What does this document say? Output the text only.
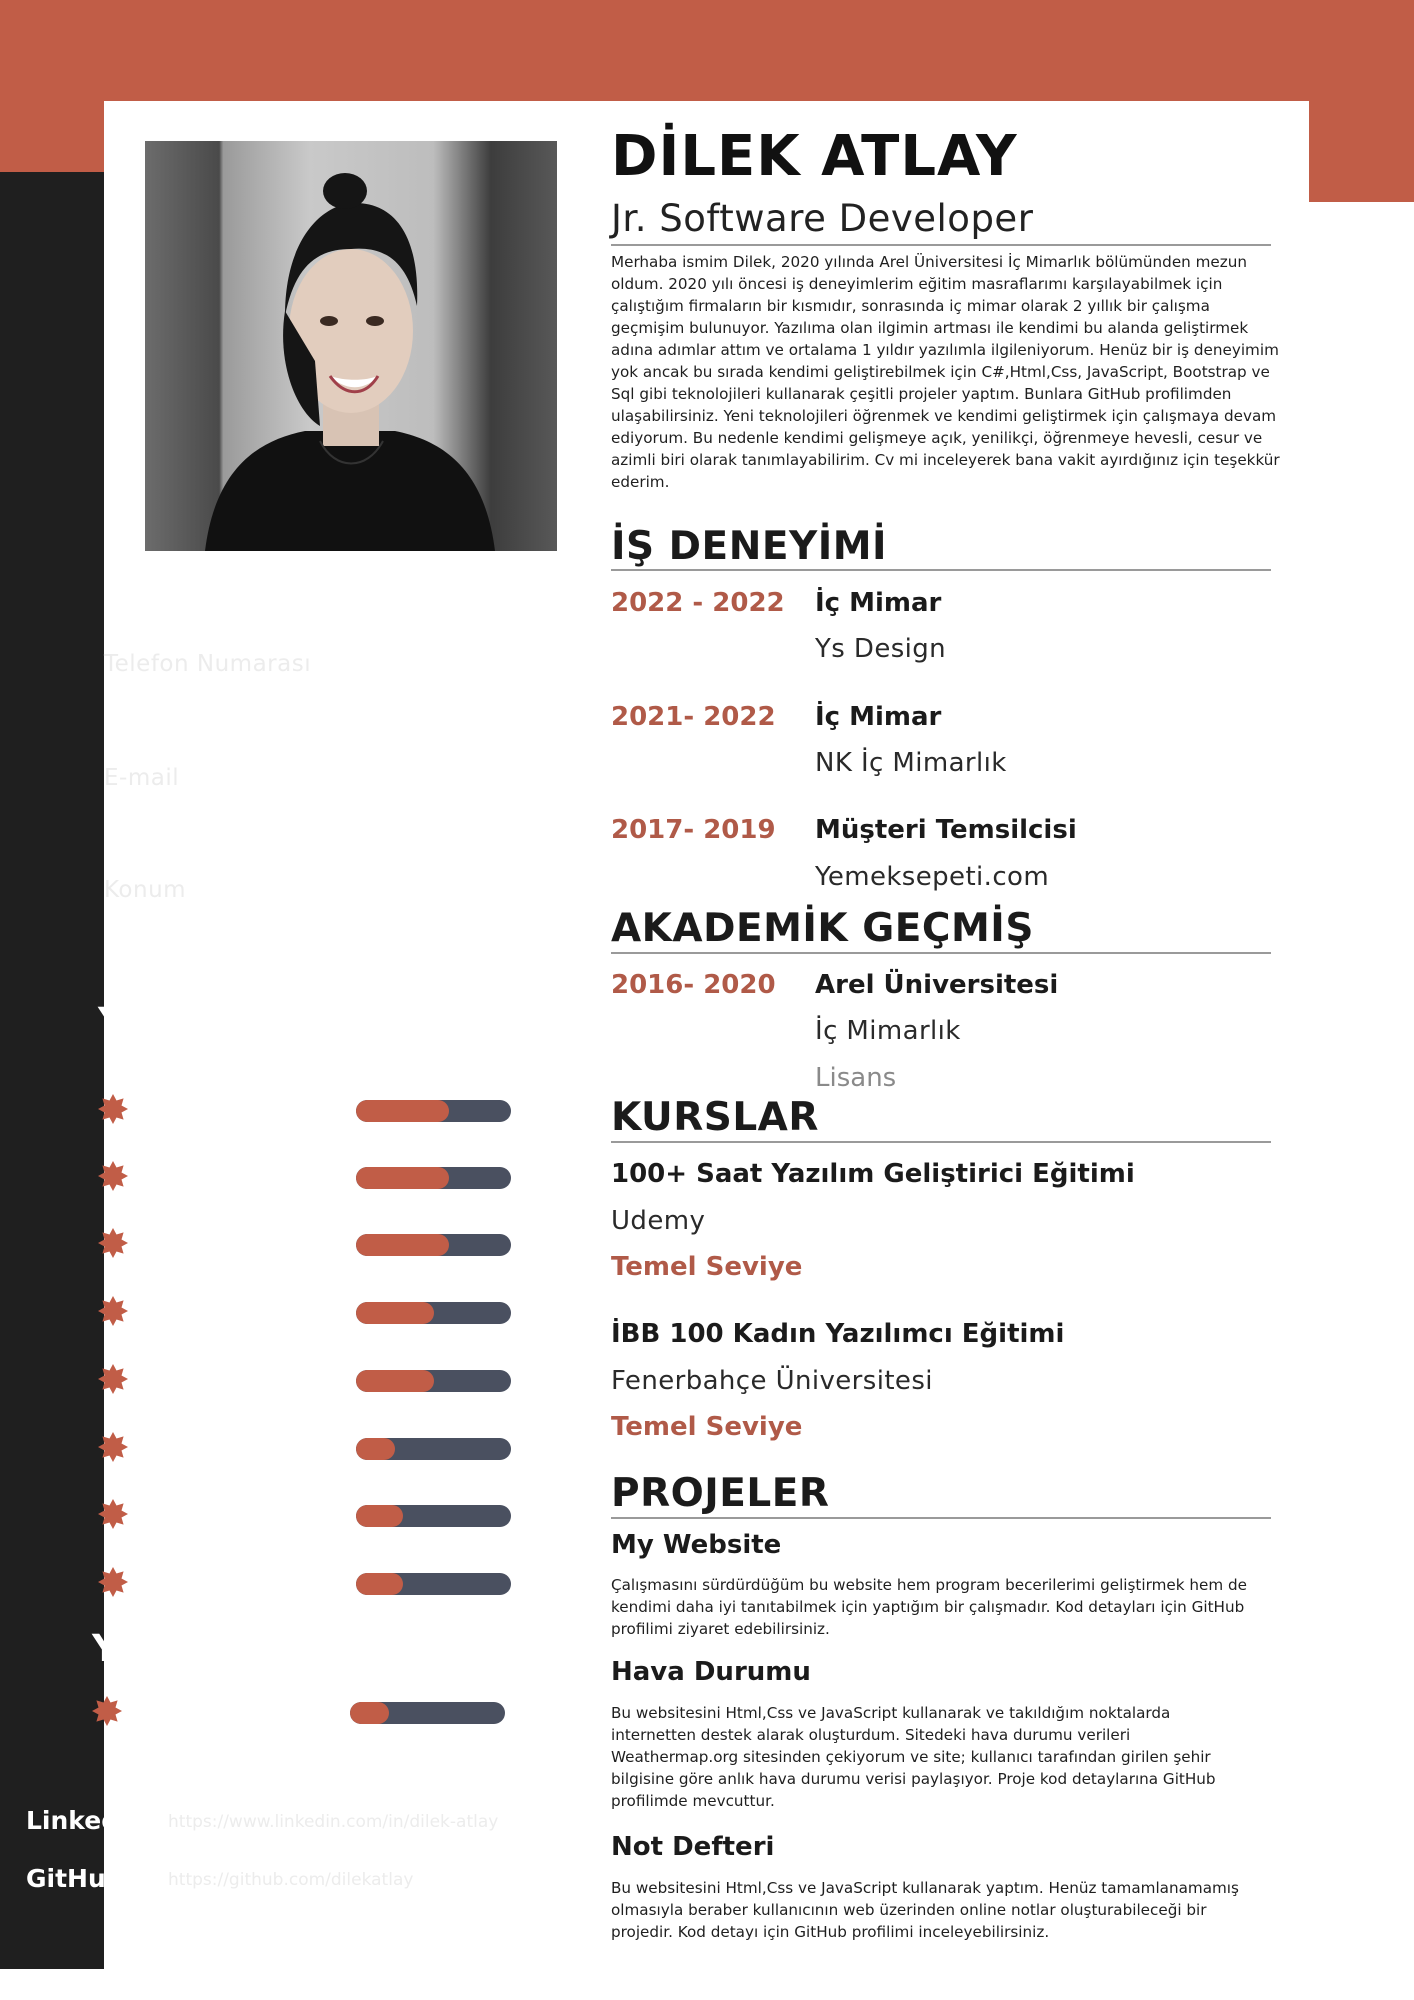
İLETİŞİM BİLGİLERİ
Telefon Numarası
+90 534 877 73 87
E-mail
dilekkonca@outlook.com
Konum
Sultanbeyli/İstanbul
YETKİNLİKLER
C#
HTML
CSS
Java Script
Bootstrap
React
My Sql
Ms Sql
YABANCI DİL
İngilizce
LinkedIn: https://www.linkedin.com/in/dilek-atlay
GitHub: https://github.com/dilekatlay
DİLEK ATLAY
Jr. Software Developer
Merhaba ismim Dilek, 2020 yılında Arel Üniversitesi İç Mimarlık bölümünden mezun oldum. 2020 yılı öncesi iş deneyimlerim eğitim masraflarımı karşılayabilmek için çalıştığım firmaların bir kısmıdır, sonrasında iç mimar olarak 2 yıllık bir çalışma geçmişim bulunuyor. Yazılıma olan ilgimin artması ile kendimi bu alanda geliştirmek adına adımlar attım ve ortalama 1 yıldır yazılımla ilgileniyorum. Henüz bir iş deneyimim yok ancak bu sırada kendimi geliştirebilmek için C#,Html,Css, JavaScript, Bootstrap ve Sql gibi teknolojileri kullanarak çeşitli projeler yaptım. Bunlara GitHub profilimden ulaşabilirsiniz. Yeni teknolojileri öğrenmek ve kendimi geliştirmek için çalışmaya devam ediyorum. Bu nedenle kendimi gelişmeye açık, yenilikçi, öğrenmeye hevesli, cesur ve azimli biri olarak tanımlayabilirim. Cv mi inceleyerek bana vakit ayırdığınız için teşekkür ederim.
İŞ DENEYİMİ
2022 - 2022 İç Mimar
Ys Design
2021- 2022 İç Mimar
NK İç Mimarlık
2017- 2019 Müşteri Temsilcisi
Yemeksepeti.com
AKADEMİK GEÇMİŞ
2016- 2020 Arel Üniversitesi
İç Mimarlık
Lisans
KURSLAR
100+ Saat Yazılım Geliştirici Eğitimi
Udemy
Temel Seviye
İBB 100 Kadın Yazılımcı Eğitimi
Fenerbahçe Üniversitesi
Temel Seviye
PROJELER
My Website
Çalışmasını sürdürdüğüm bu website hem program becerilerimi geliştirmek hem de kendimi daha iyi tanıtabilmek için yaptığım bir çalışmadır. Kod detayları için GitHub profilimi ziyaret edebilirsiniz.
Hava Durumu
Bu websitesini Html,Css ve JavaScript kullanarak ve takıldığım noktalarda internetten destek alarak oluşturdum. Sitedeki hava durumu verileri Weathermap.org sitesinden çekiyorum ve site; kullanıcı tarafından girilen şehir bilgisine göre anlık hava durumu verisi paylaşıyor. Proje kod detaylarına GitHub profilimde mevcuttur.
Not Defteri
Bu websitesini Html,Css ve JavaScript kullanarak yaptım. Henüz tamamlanamamış olmasıyla beraber kullanıcının web üzerinden online notlar oluşturabileceği bir projedir. Kod detayı için GitHub profilimi inceleyebilirsiniz.
